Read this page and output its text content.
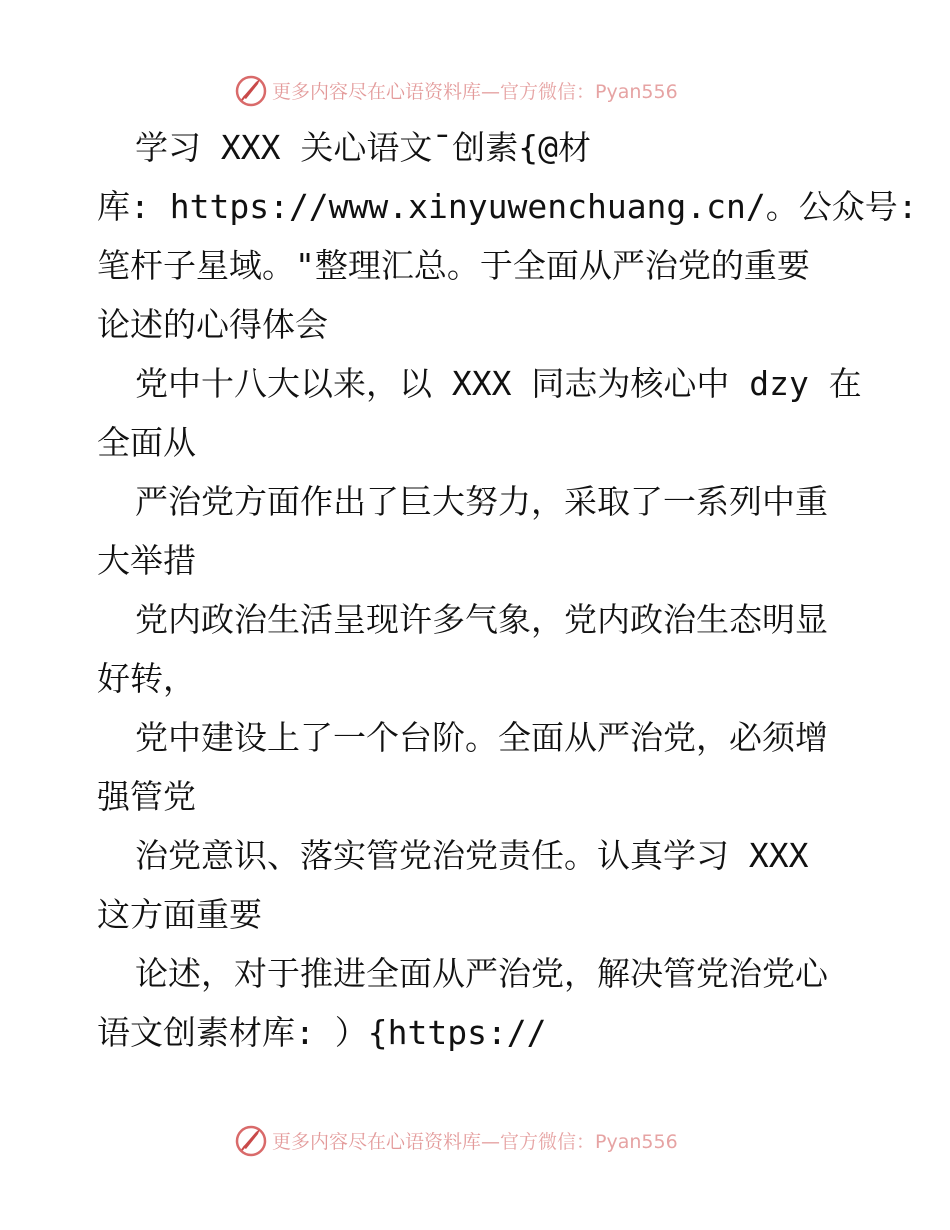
更多内容尽在心语资料库—官方微信：Pyan556
学习 XXX 关心语文¯创素{@材
库: https://www.xinyuwenchuang.cn/。公众号:
笔杆子星域。"整理汇总。于全面从严治党的重要
论述的心得体会
党中十八大以来，以 XXX 同志为核心中 dzy 在
全面从
严治党方面作出了巨大努力，采取了一系列中重
大举措
党内政治生活呈现许多气象，党内政治生态明显
好转，
党中建设上了一个台阶。全面从严治党，必须增
强管党
治党意识、落实管党治党责任。认真学习 XXX
这方面重要
论述，对于推进全面从严治党，解决管党治党心
语文创素材库: ）{https://
更多内容尽在心语资料库—官方微信：Pyan556
